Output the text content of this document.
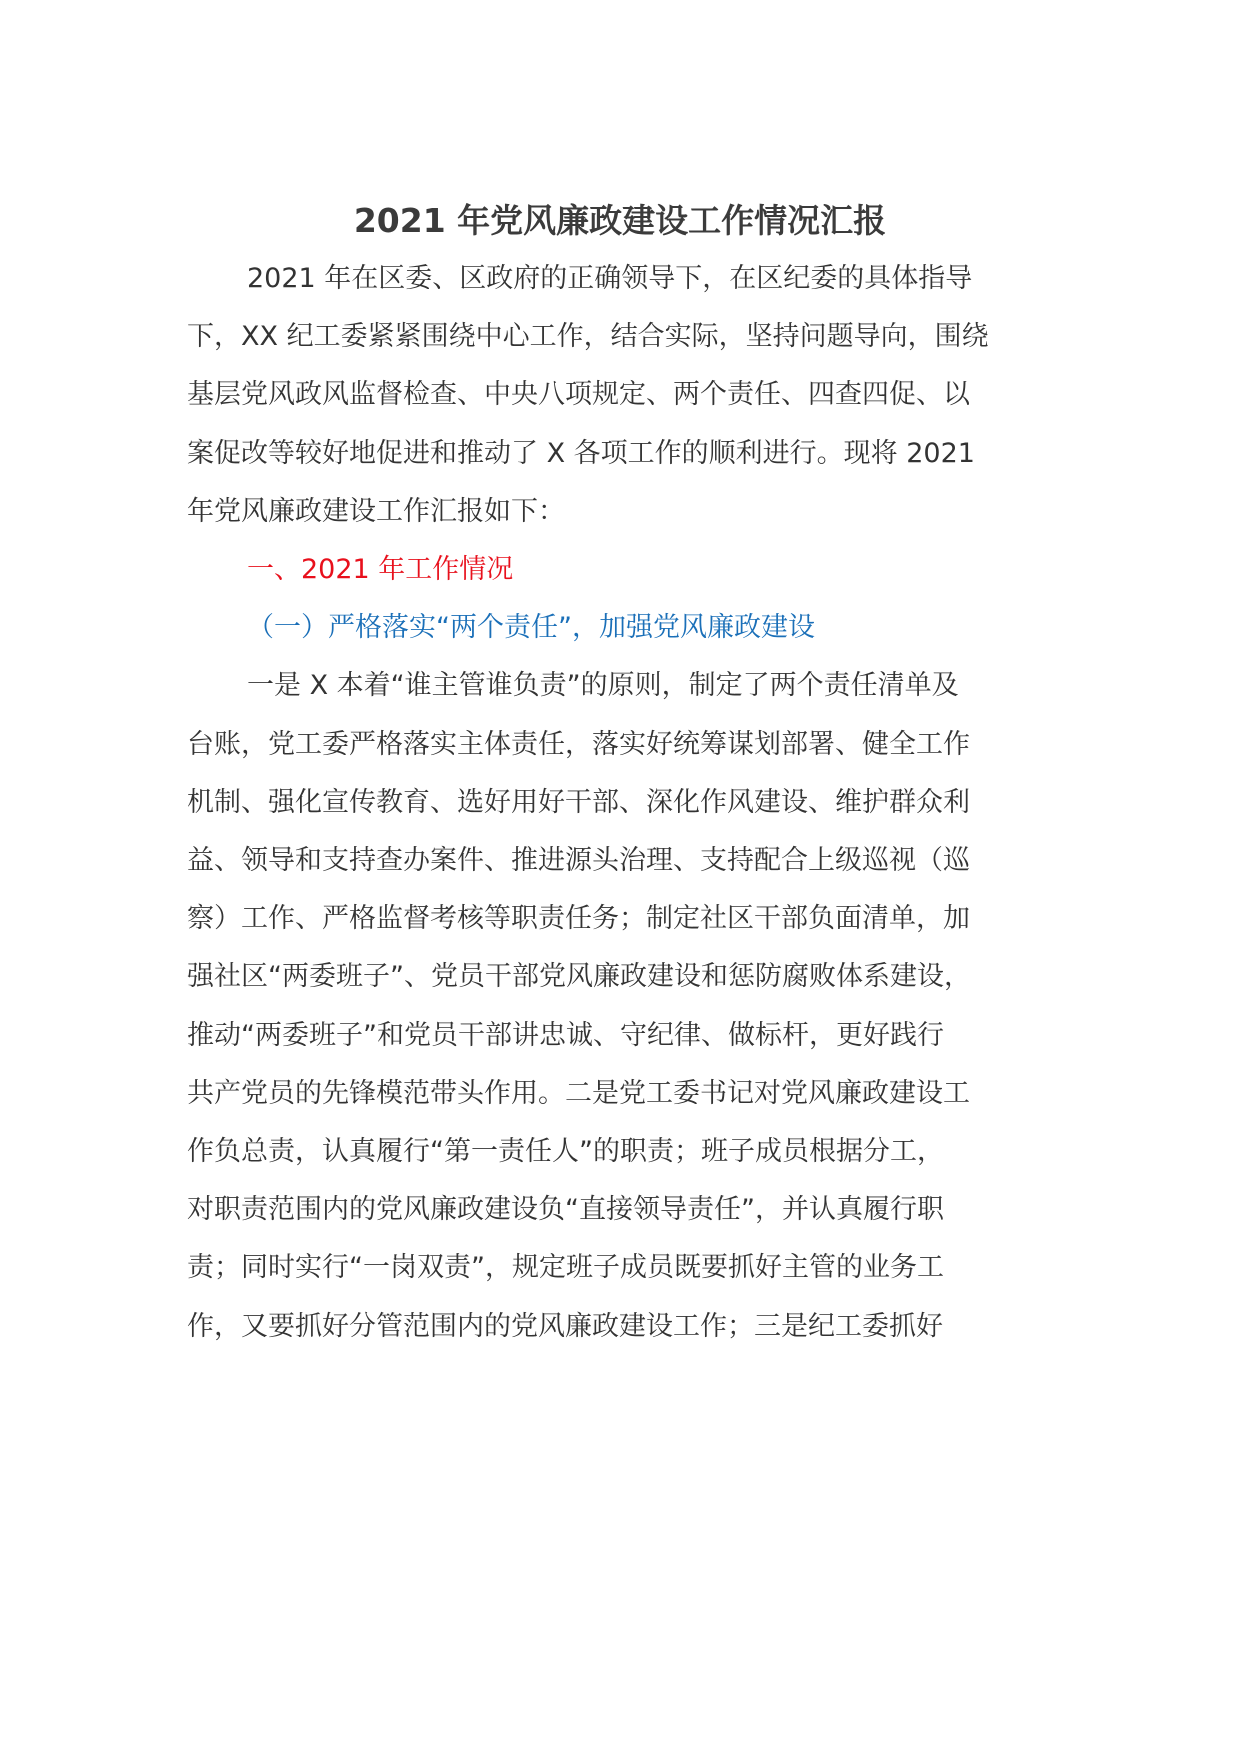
2021 年党风廉政建设工作情况汇报
2021 年在区委、区政府的正确领导下，在区纪委的具体指导
下，XX 纪工委紧紧围绕中心工作，结合实际，坚持问题导向，围绕
基层党风政风监督检查、中央八项规定、两个责任、四查四促、以
案促改等较好地促进和推动了 X 各项工作的顺利进行。现将 2021
年党风廉政建设工作汇报如下：
一、2021 年工作情况
（一）严格落实“两个责任”，加强党风廉政建设
一是 X 本着“谁主管谁负责”的原则，制定了两个责任清单及
台账，党工委严格落实主体责任，落实好统筹谋划部署、健全工作
机制、强化宣传教育、选好用好干部、深化作风建设、维护群众利
益、领导和支持查办案件、推进源头治理、支持配合上级巡视（巡
察）工作、严格监督考核等职责任务；制定社区干部负面清单，加
强社区“两委班子”、党员干部党风廉政建设和惩防腐败体系建设，
推动“两委班子”和党员干部讲忠诚、守纪律、做标杆，更好践行
共产党员的先锋模范带头作用。二是党工委书记对党风廉政建设工
作负总责，认真履行“第一责任人”的职责；班子成员根据分工，
对职责范围内的党风廉政建设负“直接领导责任”，并认真履行职
责；同时实行“一岗双责”，规定班子成员既要抓好主管的业务工
作，又要抓好分管范围内的党风廉政建设工作；三是纪工委抓好
